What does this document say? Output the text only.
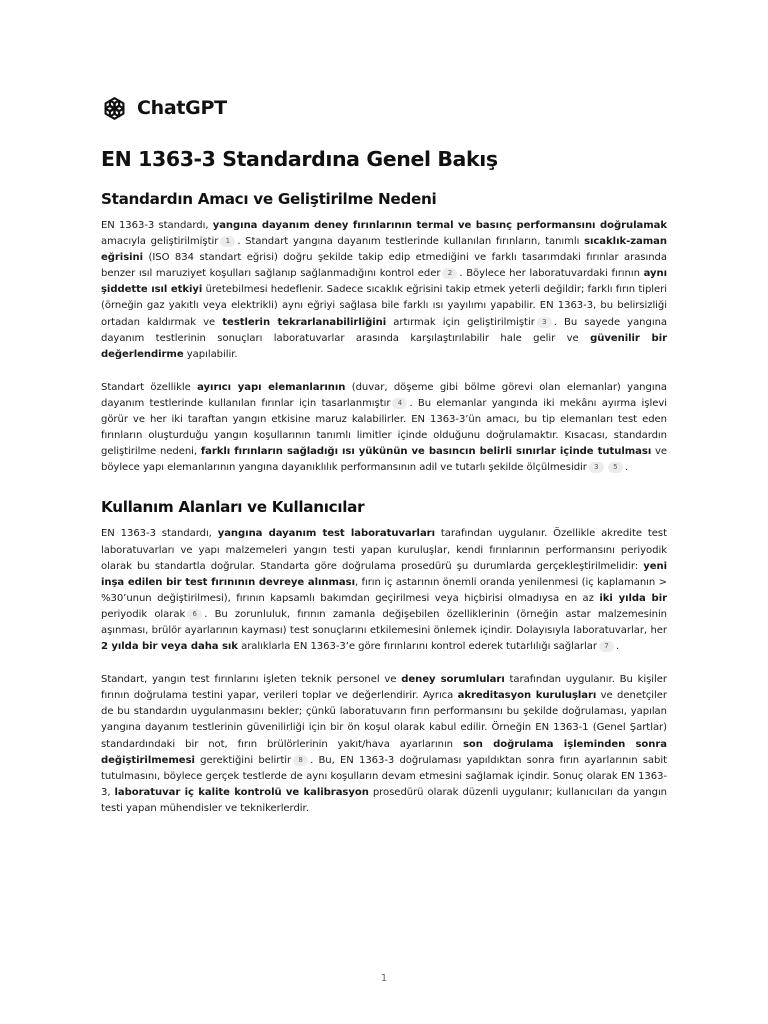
ChatGPT
EN 1363-3 Standardına Genel Bakış
Standardın Amacı ve Geliştirilme Nedeni

EN 1363-3 standardı, yangına dayanım deney fırınlarının termal ve basınç performansını doğrulamak amacıyla geliştirilmiştir 1 . Standart yangına dayanım testlerinde kullanılan fırınların, tanımlı sıcaklık-zaman eğrisini (ISO 834 standart eğrisi) doğru şekilde takip edip etmediğini ve farklı tasarımdaki fırınlar arasında benzer ısıl maruziyet koşulları sağlanıp sağlanmadığını kontrol eder 2 . Böylece her laboratuvardaki fırının aynı şiddette ısıl etkiyi üretebilmesi hedeflenir. Sadece sıcaklık eğrisini takip etmek yeterli değildir; farklı fırın tipleri (örneğin gaz yakıtlı veya elektrikli) aynı eğriyi sağlasa bile farklı ısı yayılımı yapabilir. EN 1363-3, bu belirsizliği ortadan kaldırmak ve testlerin tekrarlanabilirliğini artırmak için geliştirilmiştir 3 . Bu sayede yangına dayanım testlerinin sonuçları laboratuvarlar arasında karşılaştırılabilir hale gelir ve güvenilir bir değerlendirme yapılabilir.

Standart özellikle ayırıcı yapı elemanlarının (duvar, döşeme gibi bölme görevi olan elemanlar) yangına dayanım testlerinde kullanılan fırınlar için tasarlanmıştır 4 . Bu elemanlar yangında iki mekânı ayırma işlevi görür ve her iki taraftan yangın etkisine maruz kalabilirler. EN 1363-3’ün amacı, bu tip elemanları test eden fırınların oluşturduğu yangın koşullarının tanımlı limitler içinde olduğunu doğrulamaktır. Kısacası, standardın geliştirilme nedeni, farklı fırınların sağladığı ısı yükünün ve basıncın belirli sınırlar içinde tutulması ve böylece yapı elemanlarının yangına dayanıklılık performansının adil ve tutarlı şekilde ölçülmesidir 3 5 .

Kullanım Alanları ve Kullanıcılar

EN 1363-3 standardı, yangına dayanım test laboratuvarları tarafından uygulanır. Özellikle akredite test laboratuvarları ve yapı malzemeleri yangın testi yapan kuruluşlar, kendi fırınlarının performansını periyodik olarak bu standartla doğrular. Standarta göre doğrulama prosedürü şu durumlarda gerçekleştirilmelidir: yeni inşa edilen bir test fırınının devreye alınması, fırın iç astarının önemli oranda yenilenmesi (iç kaplamanın > %30’unun değiştirilmesi), fırının kapsamlı bakımdan geçirilmesi veya hiçbirisi olmadıysa en az iki yılda bir periyodik olarak 6 . Bu zorunluluk, fırının zamanla değişebilen özelliklerinin (örneğin astar malzemesinin aşınması, brülör ayarlarının kayması) test sonuçlarını etkilemesini önlemek içindir. Dolayısıyla laboratuvarlar, her 2 yılda bir veya daha sık aralıklarla EN 1363-3’e göre fırınlarını kontrol ederek tutarlılığı sağlarlar 7 .

Standart, yangın test fırınlarını işleten teknik personel ve deney sorumluları tarafından uygulanır. Bu kişiler fırının doğrulama testini yapar, verileri toplar ve değerlendirir. Ayrıca akreditasyon kuruluşları ve denetçiler de bu standardın uygulanmasını bekler; çünkü laboratuvarın fırın performansını bu şekilde doğrulaması, yapılan yangına dayanım testlerinin güvenilirliği için bir ön koşul olarak kabul edilir. Örneğin EN 1363-1 (Genel Şartlar) standardındaki bir not, fırın brülörlerinin yakıt/hava ayarlarının son doğrulama işleminden sonra değiştirilmemesi gerektiğini belirtir 8 . Bu, EN 1363-3 doğrulaması yapıldıktan sonra fırın ayarlarının sabit tutulmasını, böylece gerçek testlerde de aynı koşulların devam etmesini sağlamak içindir. Sonuç olarak EN 1363-3, laboratuvar iç kalite kontrolü ve kalibrasyon prosedürü olarak düzenli uygulanır; kullanıcıları da yangın testi yapan mühendisler ve teknikerlerdir.

1
